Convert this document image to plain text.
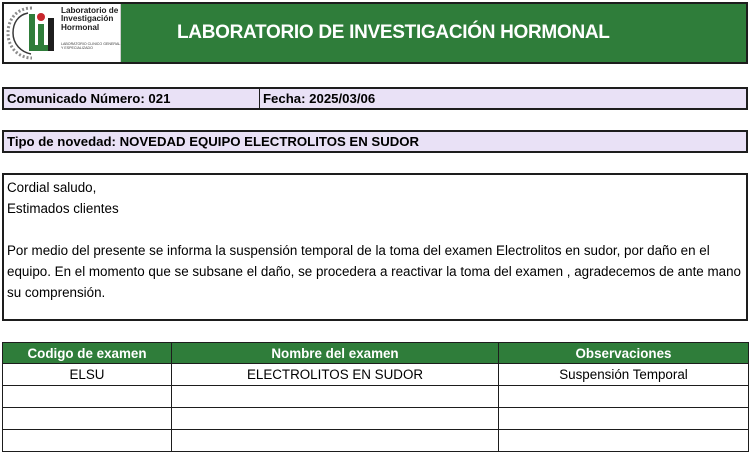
Laboratorio de Investigación Hormonal
LABORATORIO CLINICO GENERAL Y ESPECIALIZADO
LABORATORIO DE INVESTIGACIÓN HORMONAL
Comunicado Número: 021	Fecha: 2025/03/06
Tipo de novedad: NOVEDAD EQUIPO ELECTROLITOS EN SUDOR

Cordial saludo,

Estimados clientes

Por medio del presente se informa la suspensión temporal de la toma del examen Electrolitos en sudor, por daño en el equipo. En el momento que se subsane el daño, se procedera a reactivar la toma del examen , agradecemos de ante mano su comprensión.

Codigo de examen	Nombre del examen	Observaciones
ELSU	ELECTROLITOS EN SUDOR	Suspensión Temporal
